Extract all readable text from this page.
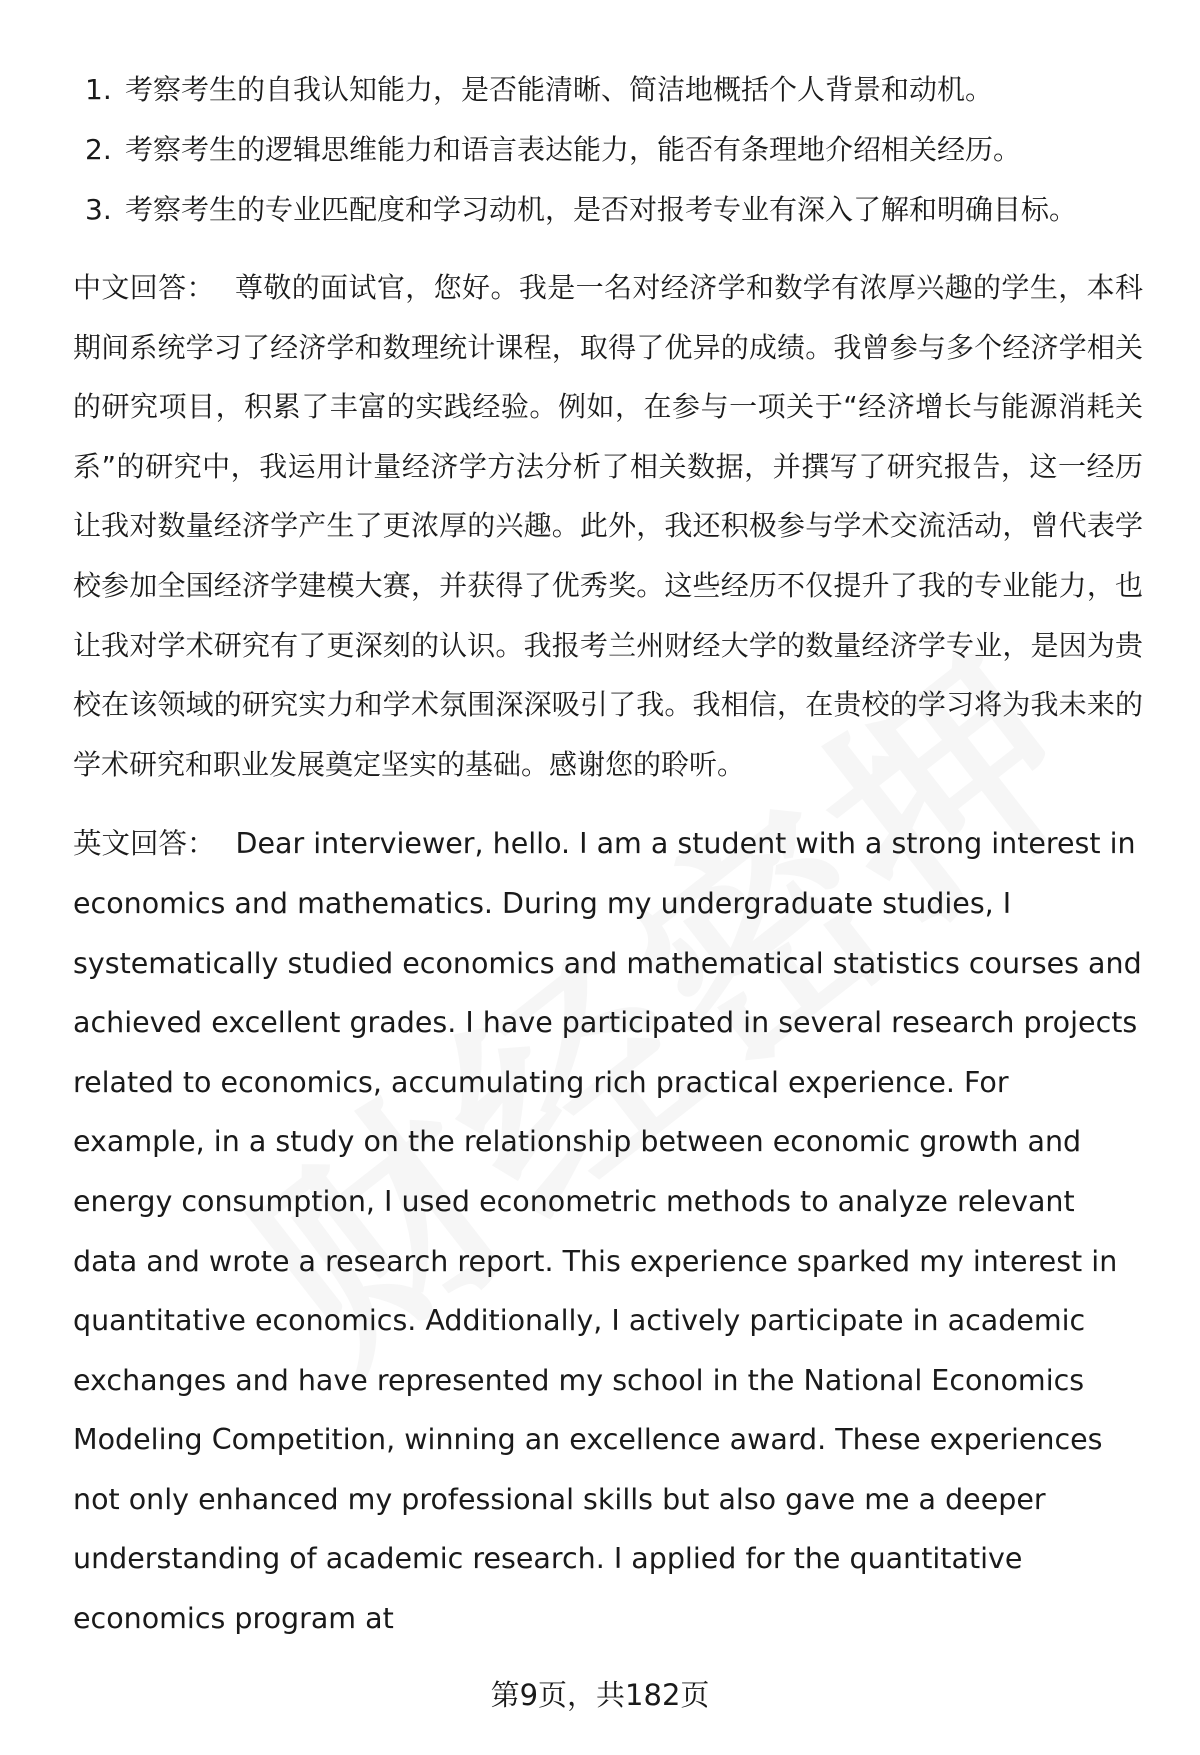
1. 考察考生的自我认知能力，是否能清晰、简洁地概括个人背景和动机。
2. 考察考生的逻辑思维能力和语言表达能力，能否有条理地介绍相关经历。
3. 考察考生的专业匹配度和学习动机，是否对报考专业有深入了解和明确目标。

中文回答： 尊敬的面试官，您好。我是一名对经济学和数学有浓厚兴趣的学生，本科期间系统学习了经济学和数理统计课程，取得了优异的成绩。我曾参与多个经济学相关的研究项目，积累了丰富的实践经验。例如，在参与一项关于“经济增长与能源消耗关系”的研究中，我运用计量经济学方法分析了相关数据，并撰写了研究报告，这一经历让我对数量经济学产生了更浓厚的兴趣。此外，我还积极参与学术交流活动，曾代表学校参加全国经济学建模大赛，并获得了优秀奖。这些经历不仅提升了我的专业能力，也让我对学术研究有了更深刻的认识。我报考兰州财经大学的数量经济学专业，是因为贵校在该领域的研究实力和学术氛围深深吸引了我。我相信，在贵校的学习将为我未来的学术研究和职业发展奠定坚实的基础。感谢您的聆听。

英文回答： Dear interviewer, hello. I am a student with a strong interest in economics and mathematics. During my undergraduate studies, I systematically studied economics and mathematical statistics courses and achieved excellent grades. I have participated in several research projects related to economics, accumulating rich practical experience. For example, in a study on the relationship between economic growth and energy consumption, I used econometric methods to analyze relevant data and wrote a research report. This experience sparked my interest in quantitative economics. Additionally, I actively participate in academic exchanges and have represented my school in the National Economics Modeling Competition, winning an excellence award. These experiences not only enhanced my professional skills but also gave me a deeper understanding of academic research. I applied for the quantitative economics program at

第9页，共182页
